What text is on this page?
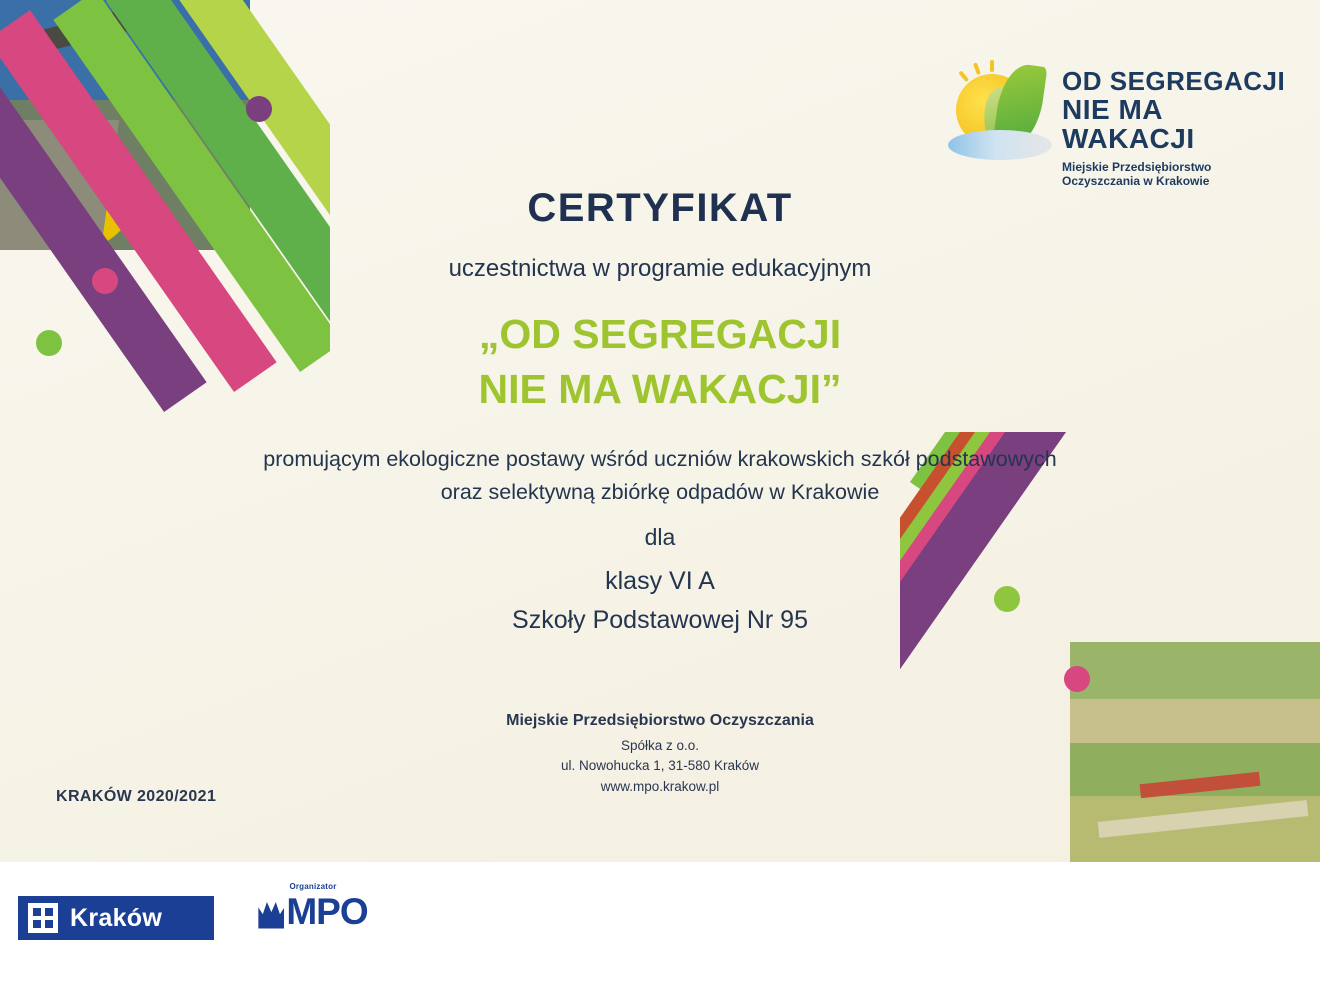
OD SEGREGACJI
NIE MA WAKACJI
Miejskie Przedsiębiorstwo
Oczyszczania w Krakowie
CERTYFIKAT
uczestnictwa w programie edukacyjnym
„OD SEGREGACJI
NIE MA WAKACJI”
promującym ekologiczne postawy wśród uczniów krakowskich szkół podstawowych
oraz selektywną zbiórkę odpadów w Krakowie
dla
klasy VI A
Szkoły Podstawowej Nr 95
Miejskie Przedsiębiorstwo Oczyszczania
Spółka z o.o.
ul. Nowohucka 1, 31-580 Kraków
www.mpo.krakow.pl
KRAKÓW 2020/2021
Kraków
Organizator
MPO
